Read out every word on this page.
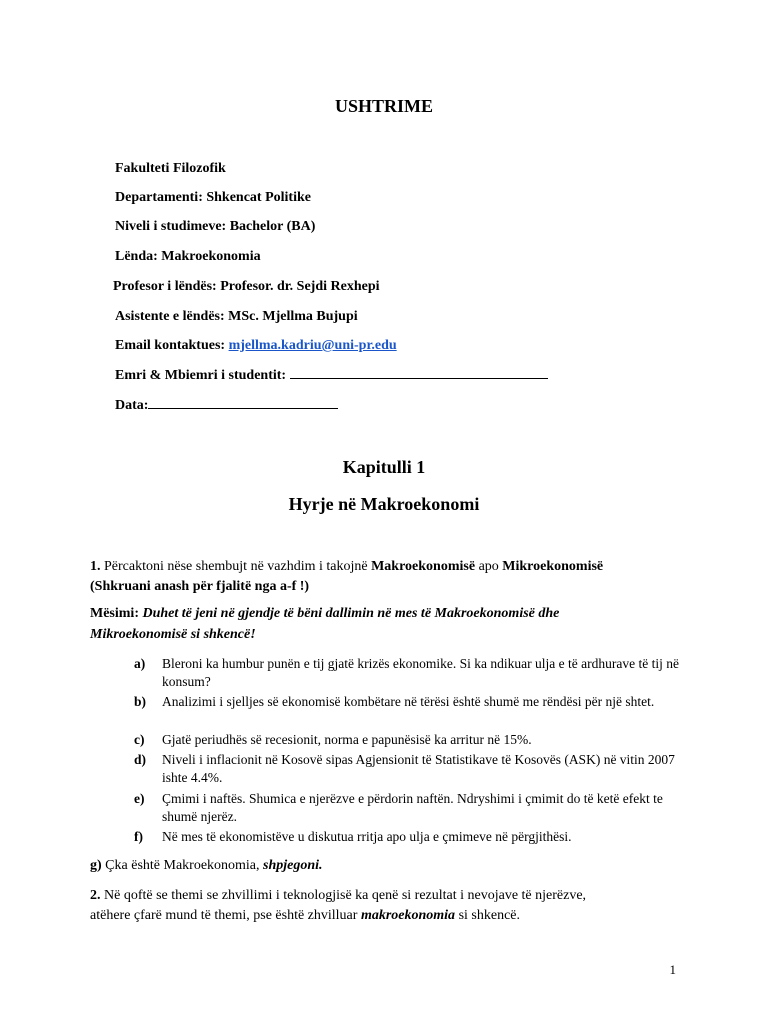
USHTRIME
Fakulteti Filozofik
Departamenti: Shkencat Politike
Niveli i studimeve: Bachelor (BA)
Lënda: Makroekonomia
Profesor i lëndës: Profesor. dr. Sejdi Rexhepi
Asistente e lëndës: MSc. Mjellma Bujupi
Email kontaktues: mjellma.kadriu@uni-pr.edu
Emri & Mbiemri i studentit:
Data:
Kapitulli 1
Hyrje në Makroekonomi
1. Përcaktoni nëse shembujt në vazhdim i takojnë Makroekonomisë apo Mikroekonomisë
(Shkruani anash për fjalitë nga a-f !)
Mësimi: Duhet të jeni në gjendje të bëni dallimin në mes të Makroekonomisë dhe
Mikroekonomisë si shkencë!
a) Bleroni ka humbur punën e tij gjatë krizës ekonomike. Si ka ndikuar ulja e të ardhurave të tij në konsum?
b) Analizimi i sjelljes së ekonomisë kombëtare në tërësi është shumë me rëndësi për një shtet.
c) Gjatë periudhës së recesionit, norma e papunësisë ka arritur në 15%.
d) Niveli i inflacionit në Kosovë sipas Agjensionit të Statistikave të Kosovës (ASK) në vitin 2007 ishte 4.4%.
e) Çmimi i naftës. Shumica e njerëzve e përdorin naftën. Ndryshimi i çmimit do të ketë efekt te shumë njerëz.
f) Në mes të ekonomistëve u diskutua rritja apo ulja e çmimeve në përgjithësi.
g) Çka është Makroekonomia, shpjegoni.
2. Në qoftë se themi se zhvillimi i teknologjisë ka qenë si rezultat i nevojave të njerëzve,
atëhere çfarë mund të themi, pse është zhvilluar makroekonomia si shkencë.
1
